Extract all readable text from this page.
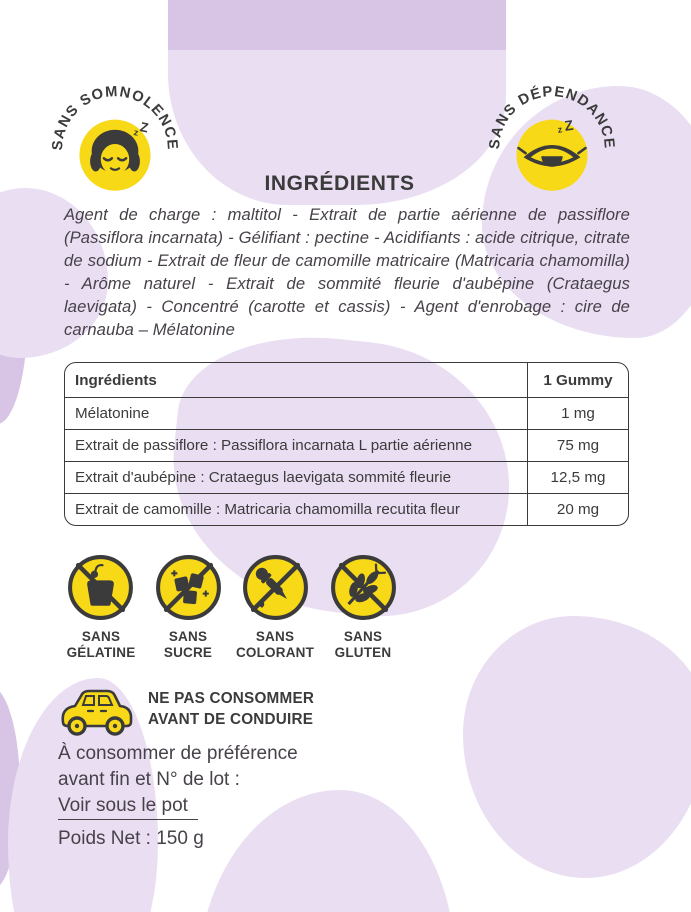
z Z
SANS SOMNOLENCE
z Z
SANS DÉPENDANCE
INGRÉDIENTS
Agent de charge : maltitol - Extrait de partie aérienne de passiflore (Passiflora incarnata) - Gélifiant : pectine - Acidifiants : acide citrique, citrate de sodium - Extrait de fleur de camomille matricaire (Matricaria chamomilla) - Arôme naturel - Extrait de sommité fleurie d'aubépine (Crataegus laevigata) - Concentré (carotte et cassis) - Agent d'enrobage : cire de carnauba – Mélatonine
Ingrédients	1 Gummy
Mélatonine	1 mg
Extrait de passiflore : Passiflora incarnata L partie aérienne	75 mg
Extrait d'aubépine : Crataegus laevigata sommité fleurie	12,5 mg
Extrait de camomille : Matricaria chamomilla recutita fleur	20 mg
SANS
GÉLATINE
SANS
SUCRE
SANS
COLORANT
SANS
GLUTEN
NE PAS CONSOMMER
AVANT DE CONDUIRE
À consommer de préférence
avant fin et N° de lot :
Voir sous le pot
Poids Net : 150 g
